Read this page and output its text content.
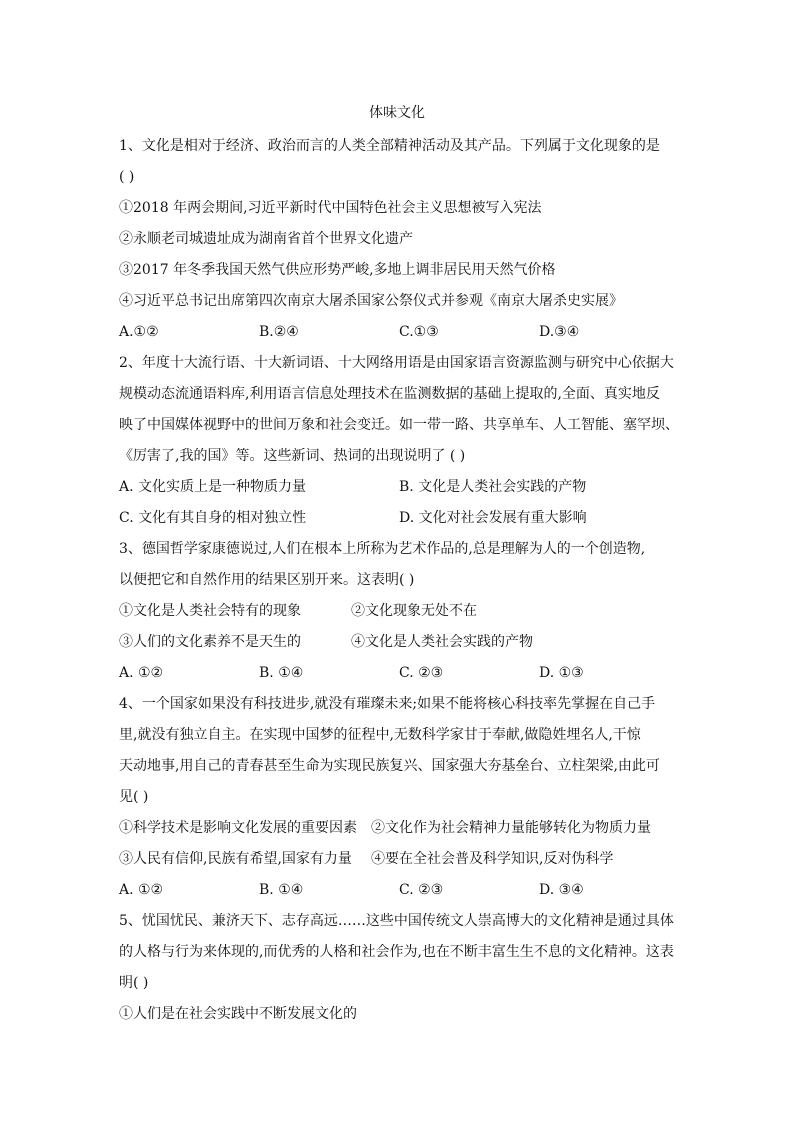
体味文化
1、文化是相对于经济、政治而言的人类全部精神活动及其产品。下列属于文化现象的是
( )
①2018 年两会期间,习近平新时代中国特色社会主义思想被写入宪法
②永顺老司城遗址成为湖南省首个世界文化遗产
③2017 年冬季我国天然气供应形势严峻,多地上调非居民用天然气价格
④习近平总书记出席第四次南京大屠杀国家公祭仪式并参观《南京大屠杀史实展》
A.①②	B.②④	C.①③	D.③④
2、年度十大流行语、十大新词语、十大网络用语是由国家语言资源监测与研究中心依据大
规模动态流通语料库,利用语言信息处理技术在监测数据的基础上提取的,全面、真实地反
映了中国媒体视野中的世间万象和社会变迁。如一带一路、共享单车、人工智能、塞罕坝、
《厉害了,我的国》等。这些新词、热词的出现说明了 ( )
A. 文化实质上是一种物质力量	B. 文化是人类社会实践的产物
C. 文化有其自身的相对独立性	D. 文化对社会发展有重大影响
3、德国哲学家康德说过,人们在根本上所称为艺术作品的,总是理解为人的一个创造物,
以便把它和自然作用的结果区别开来。这表明( )
①文化是人类社会特有的现象	②文化现象无处不在
③人们的文化素养不是天生的	④文化是人类社会实践的产物
A. ①②	B. ①④	C. ②③	D. ①③
4、一个国家如果没有科技进步,就没有璀璨未来;如果不能将核心科技率先掌握在自己手
里,就没有独立自主。在实现中国梦的征程中,无数科学家甘于奉献,做隐姓埋名人,干惊
天动地事,用自己的青春甚至生命为实现民族复兴、国家强大夯基垒台、立柱架梁,由此可
见( )
①科学技术是影响文化发展的重要因素	②文化作为社会精神力量能够转化为物质力量
③人民有信仰,民族有希望,国家有力量	④要在全社会普及科学知识,反对伪科学
A. ①②	B. ①④	C. ②③	D. ③④
5、忧国忧民、兼济天下、志存高远……这些中国传统文人崇高博大的文化精神是通过具体
的人格与行为来体现的,而优秀的人格和社会作为,也在不断丰富生生不息的文化精神。这表
明( )
①人们是在社会实践中不断发展文化的
